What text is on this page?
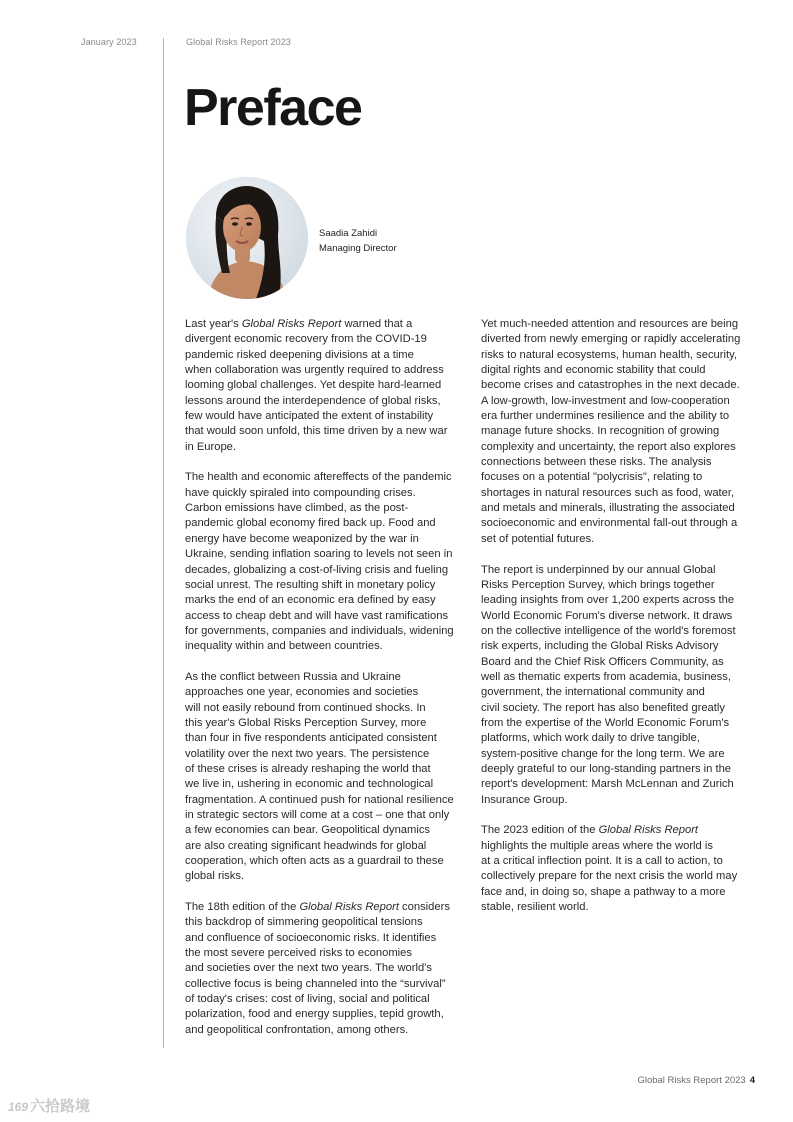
January 2023	Global Risks Report 2023
Preface
Saadia Zahidi
Managing Director

Last year's Global Risks Report warned that a
divergent economic recovery from the COVID-19
pandemic risked deepening divisions at a time
when collaboration was urgently required to address
looming global challenges. Yet despite hard-learned
lessons around the interdependence of global risks,
few would have anticipated the extent of instability
that would soon unfold, this time driven by a new war
in Europe.

The health and economic aftereffects of the pandemic
have quickly spiraled into compounding crises.
Carbon emissions have climbed, as the post-
pandemic global economy fired back up. Food and
energy have become weaponized by the war in
Ukraine, sending inflation soaring to levels not seen in
decades, globalizing a cost-of-living crisis and fueling
social unrest. The resulting shift in monetary policy
marks the end of an economic era defined by easy
access to cheap debt and will have vast ramifications
for governments, companies and individuals, widening
inequality within and between countries.

As the conflict between Russia and Ukraine
approaches one year, economies and societies
will not easily rebound from continued shocks. In
this year's Global Risks Perception Survey, more
than four in five respondents anticipated consistent
volatility over the next two years. The persistence
of these crises is already reshaping the world that
we live in, ushering in economic and technological
fragmentation. A continued push for national resilience
in strategic sectors will come at a cost – one that only
a few economies can bear. Geopolitical dynamics
are also creating significant headwinds for global
cooperation, which often acts as a guardrail to these
global risks.

The 18th edition of the Global Risks Report considers
this backdrop of simmering geopolitical tensions
and confluence of socioeconomic risks. It identifies
the most severe perceived risks to economies
and societies over the next two years. The world's
collective focus is being channeled into the “survival”
of today's crises: cost of living, social and political
polarization, food and energy supplies, tepid growth,
and geopolitical confrontation, among others.

Yet much-needed attention and resources are being
diverted from newly emerging or rapidly accelerating
risks to natural ecosystems, human health, security,
digital rights and economic stability that could
become crises and catastrophes in the next decade.
A low-growth, low-investment and low-cooperation
era further undermines resilience and the ability to
manage future shocks. In recognition of growing
complexity and uncertainty, the report also explores
connections between these risks. The analysis
focuses on a potential "polycrisis", relating to
shortages in natural resources such as food, water,
and metals and minerals, illustrating the associated
socioeconomic and environmental fall-out through a
set of potential futures.

The report is underpinned by our annual Global
Risks Perception Survey, which brings together
leading insights from over 1,200 experts across the
World Economic Forum's diverse network. It draws
on the collective intelligence of the world's foremost
risk experts, including the Global Risks Advisory
Board and the Chief Risk Officers Community, as
well as thematic experts from academia, business,
government, the international community and
civil society. The report has also benefited greatly
from the expertise of the World Economic Forum's
platforms, which work daily to drive tangible,
system-positive change for the long term. We are
deeply grateful to our long-standing partners in the
report's development: Marsh McLennan and Zurich
Insurance Group.

The 2023 edition of the Global Risks Report
highlights the multiple areas where the world is
at a critical inflection point. It is a call to action, to
collectively prepare for the next crisis the world may
face and, in doing so, shape a pathway to a more
stable, resilient world.

Global Risks Report 2023 4
169 六拾路境
